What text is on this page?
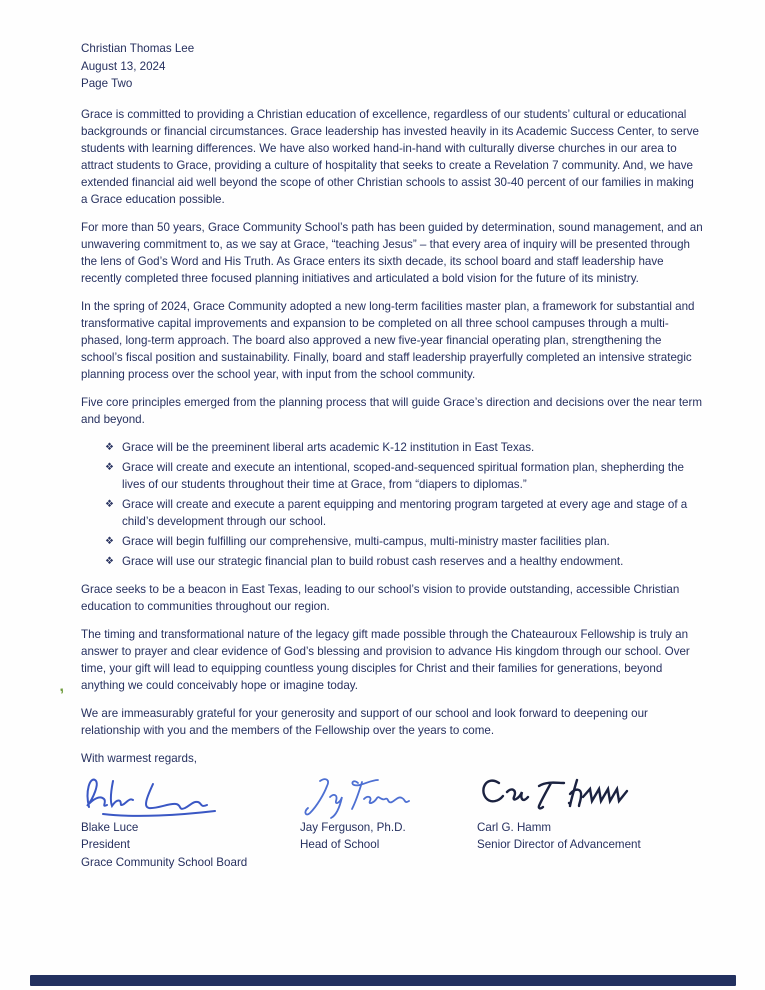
Christian Thomas Lee
August 13, 2024
Page Two

Grace is committed to providing a Christian education of excellence, regardless of our students’ cultural or educational backgrounds or financial circumstances. Grace leadership has invested heavily in its Academic Success Center, to serve students with learning differences. We have also worked hand-in-hand with culturally diverse churches in our area to attract students to Grace, providing a culture of hospitality that seeks to create a Revelation 7 community. And, we have extended financial aid well beyond the scope of other Christian schools to assist 30-40 percent of our families in making a Grace education possible.

For more than 50 years, Grace Community School’s path has been guided by determination, sound management, and an unwavering commitment to, as we say at Grace, “teaching Jesus” – that every area of inquiry will be presented through the lens of God’s Word and His Truth. As Grace enters its sixth decade, its school board and staff leadership have recently completed three focused planning initiatives and articulated a bold vision for the future of its ministry.

In the spring of 2024, Grace Community adopted a new long-term facilities master plan, a framework for substantial and transformative capital improvements and expansion to be completed on all three school campuses through a multi-phased, long-term approach. The board also approved a new five-year financial operating plan, strengthening the school’s fiscal position and sustainability. Finally, board and staff leadership prayerfully completed an intensive strategic planning process over the school year, with input from the school community.

Five core principles emerged from the planning process that will guide Grace’s direction and decisions over the near term and beyond.

❖ Grace will be the preeminent liberal arts academic K-12 institution in East Texas.
❖ Grace will create and execute an intentional, scoped-and-sequenced spiritual formation plan, shepherding the lives of our students throughout their time at Grace, from “diapers to diplomas.”
❖ Grace will create and execute a parent equipping and mentoring program targeted at every age and stage of a child’s development through our school.
❖ Grace will begin fulfilling our comprehensive, multi-campus, multi-ministry master facilities plan.
❖ Grace will use our strategic financial plan to build robust cash reserves and a healthy endowment.

Grace seeks to be a beacon in East Texas, leading to our school’s vision to provide outstanding, accessible Christian education to communities throughout our region.

The timing and transformational nature of the legacy gift made possible through the Chateauroux Fellowship is truly an answer to prayer and clear evidence of God’s blessing and provision to advance His kingdom through our school. Over time, your gift will lead to equipping countless young disciples for Christ and their families for generations, beyond anything we could conceivably hope or imagine today.

We are immeasurably grateful for your generosity and support of our school and look forward to deepening our relationship with you and the members of the Fellowship over the years to come.

With warmest regards,

Blake Luce
President
Grace Community School Board
Jay Ferguson, Ph.D.
Head of School
Carl G. Hamm
Senior Director of Advancement
,
